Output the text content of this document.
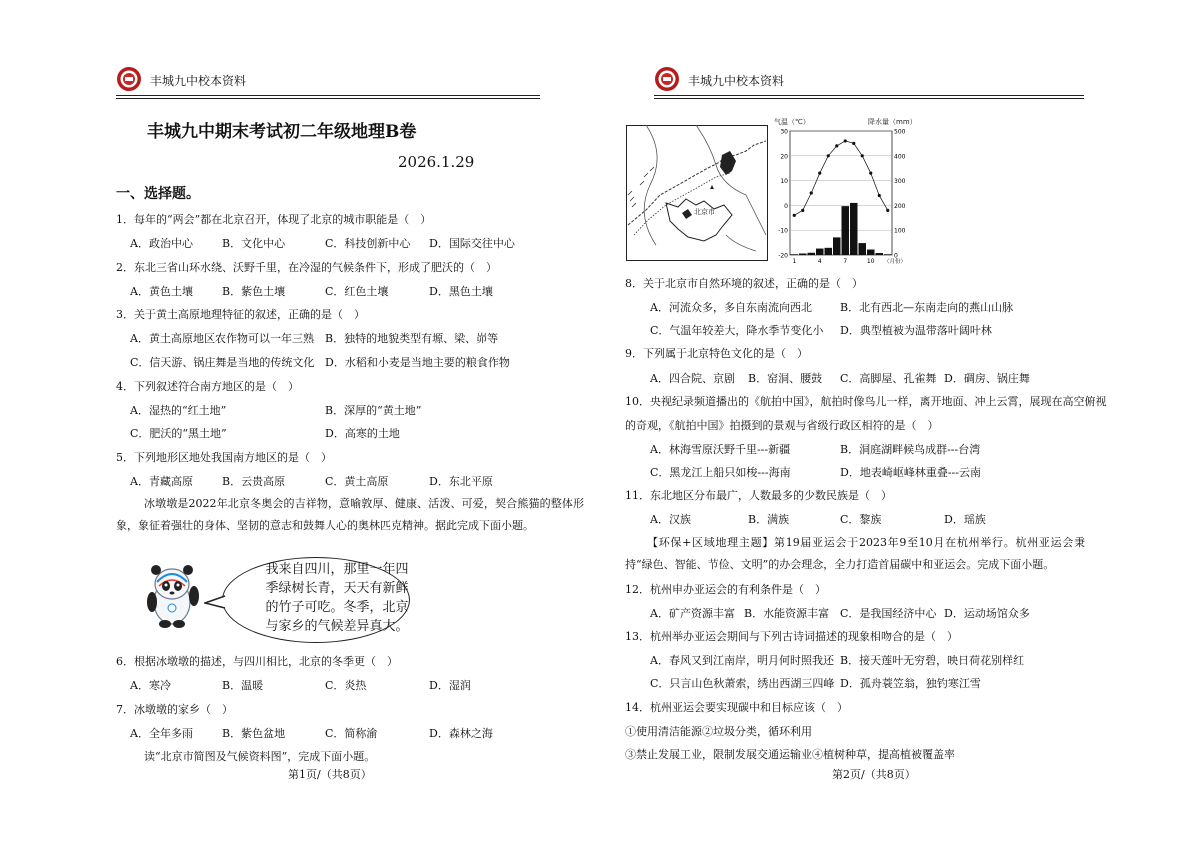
丰城九中校本资料
丰城九中期末考试初二年级地理B卷
2026.1.29
一、选择题。
1．每年的“两会”都在北京召开，体现了北京的城市职能是（　）
A．政治中心	B．文化中心	C．科技创新中心 D．国际交往中心
2．东北三省山环水绕、沃野千里，在冷湿的气候条件下，形成了肥沃的（　）
A．黄色土壤	B．紫色土壤	C．红色土壤	D．黑色土壤
3．关于黄土高原地理特征的叙述，正确的是（　）
A．黄土高原地区农作物可以一年三熟 B．独特的地貌类型有塬、梁、峁等
C．信天游、锅庄舞是当地的传统文化 D．水稻和小麦是当地主要的粮食作物
4．下列叙述符合南方地区的是（　）
A．湿热的“红土地”	B．深厚的“黄土地”
C．肥沃的“黑土地”	D．高寒的土地
5．下列地形区地处我国南方地区的是（　）
A．青藏高原	B．云贵高原	C．黄土高原	D．东北平原
冰墩墩是2022年北京冬奥会的吉祥物，意喻敦厚、健康、活泼、可爱，契合熊猫的整体形象，象征着强壮的身体、坚韧的意志和鼓舞人心的奥林匹克精神。据此完成下面小题。
我来自四川，那里一年四季绿树长青，天天有新鲜的竹子可吃。冬季，北京与家乡的气候差异真大。
6．根据冰墩墩的描述，与四川相比，北京的冬季更（　）
A．寒冷	B．温暖	C．炎热	D．湿润
7．冰墩墩的家乡（　）
A．全年多雨	B．紫色盆地	C．简称渝	D．森林之海
读“北京市简图及气候资料图”，完成下面小题。
第1页/（共8页）
丰城九中校本资料
北京市
气温（℃）	降水量（mm）
30
20
10
0
-10
-20
500
400
300
200
100
0
1	4	7	10 （月份）
8．关于北京市自然环境的叙述，正确的是（　）
A．河流众多，多自东南流向西北	B．北有西北—东南走向的燕山山脉
C．气温年较差大，降水季节变化小 D．典型植被为温带落叶阔叶林
9．下列属于北京特色文化的是（　）
A．四合院、京剧 B．窑洞、腰鼓 C．高脚屋、孔雀舞 D．碉房、锅庄舞
10．央视纪录频道播出的《航拍中国》，航拍时像鸟儿一样，离开地面、冲上云霄，展现在高空俯视
的奇观，《航拍中国》拍摄到的景观与省级行政区相符的是（　）
A．林海雪原沃野千里---新疆	B．洞庭湖畔候鸟成群---台湾
C．黑龙江上船只如梭---海南	D．地表崎岖峰林重叠---云南
11．东北地区分布最广，人数最多的少数民族是（　）
A．汉族	B．满族	C．黎族	D．瑶族
【环保+区域地理主题】第19届亚运会于2023年9至10月在杭州举行。杭州亚运会秉持“绿色、智能、节俭、文明”的办会理念，全力打造首届碳中和亚运会。完成下面小题。
12．杭州申办亚运会的有利条件是（　）
A．矿产资源丰富 B．水能资源丰富 C．是我国经济中心 D．运动场馆众多
13．杭州举办亚运会期间与下列古诗词描述的现象相吻合的是（　）
A．春风又到江南岸，明月何时照我还 B．接天莲叶无穷碧，映日荷花别样红
C．只言山色秋萧索，绣出西湖三四峰 D．孤舟蓑笠翁，独钓寒江雪
14．杭州亚运会要实现碳中和目标应该（　）
①使用清洁能源②垃圾分类，循环利用
③禁止发展工业，限制发展交通运输业④植树种草，提高植被覆盖率
第2页/（共8页）
